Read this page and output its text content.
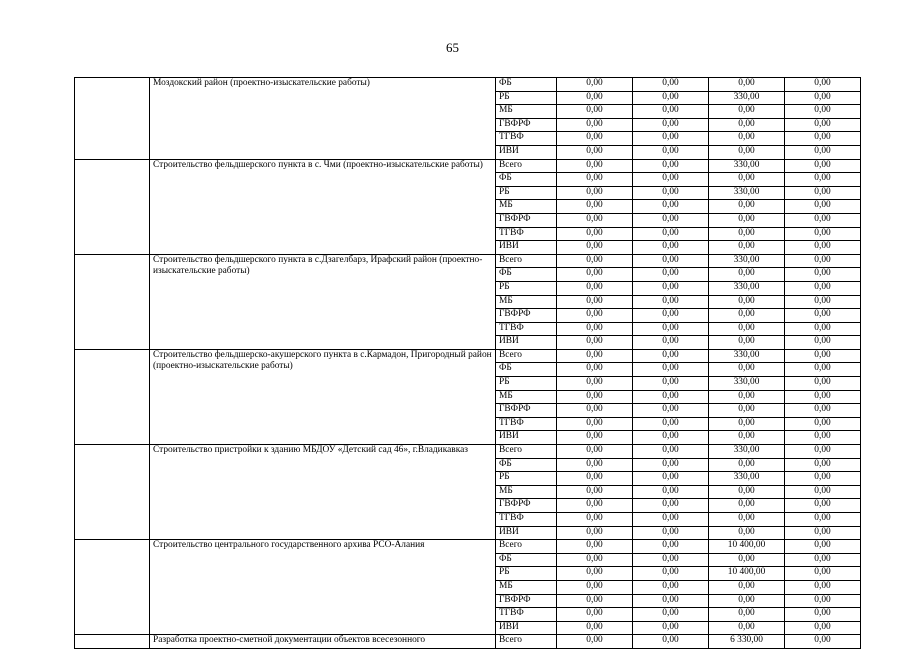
65
	Моздокский район (проектно-изыскательские работы)	ФБ	0,00	0,00	0,00	0,00
		РБ	0,00	0,00	330,00	0,00
		МБ	0,00	0,00	0,00	0,00
		ГВФРФ	0,00	0,00	0,00	0,00
		ТГВФ	0,00	0,00	0,00	0,00
		ИВИ	0,00	0,00	0,00	0,00
	Строительство фельдшерского пункта в с. Чми (проектно-изыскательские работы)	Всего	0,00	0,00	330,00	0,00
		ФБ	0,00	0,00	0,00	0,00
		РБ	0,00	0,00	330,00	0,00
		МБ	0,00	0,00	0,00	0,00
		ГВФРФ	0,00	0,00	0,00	0,00
		ТГВФ	0,00	0,00	0,00	0,00
		ИВИ	0,00	0,00	0,00	0,00
	Строительство фельдшерского пункта в с.Дзагелбарз, Ирафский район (проектно-изыскательские работы)	Всего	0,00	0,00	330,00	0,00
		ФБ	0,00	0,00	0,00	0,00
		РБ	0,00	0,00	330,00	0,00
		МБ	0,00	0,00	0,00	0,00
		ГВФРФ	0,00	0,00	0,00	0,00
		ТГВФ	0,00	0,00	0,00	0,00
		ИВИ	0,00	0,00	0,00	0,00
	Строительство фельдшерско-акушерского пункта в с.Кармадон, Пригородный район (проектно-изыскательские работы)	Всего	0,00	0,00	330,00	0,00
		ФБ	0,00	0,00	0,00	0,00
		РБ	0,00	0,00	330,00	0,00
		МБ	0,00	0,00	0,00	0,00
		ГВФРФ	0,00	0,00	0,00	0,00
		ТГВФ	0,00	0,00	0,00	0,00
		ИВИ	0,00	0,00	0,00	0,00
	Строительство пристройки к зданию МБДОУ «Детский сад 46», г.Владикавказ	Всего	0,00	0,00	330,00	0,00
		ФБ	0,00	0,00	0,00	0,00
		РБ	0,00	0,00	330,00	0,00
		МБ	0,00	0,00	0,00	0,00
		ГВФРФ	0,00	0,00	0,00	0,00
		ТГВФ	0,00	0,00	0,00	0,00
		ИВИ	0,00	0,00	0,00	0,00
	Строительство центрального государственного архива РСО-Алания	Всего	0,00	0,00	10 400,00	0,00
		ФБ	0,00	0,00	0,00	0,00
		РБ	0,00	0,00	10 400,00	0,00
		МБ	0,00	0,00	0,00	0,00
		ГВФРФ	0,00	0,00	0,00	0,00
		ТГВФ	0,00	0,00	0,00	0,00
		ИВИ	0,00	0,00	0,00	0,00
	Разработка проектно-сметной документации объектов всесезонного	Всего	0,00	0,00	6 330,00	0,00
